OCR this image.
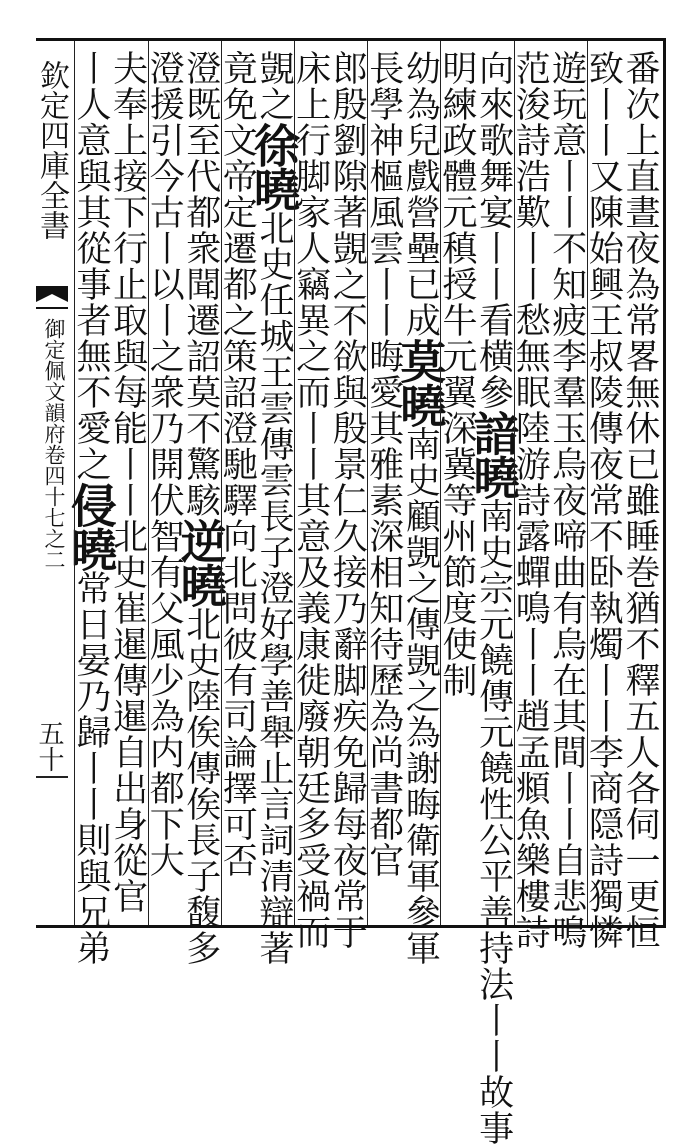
欽定四庫全書
御定佩文韻府卷四十七之二
五十	番次上直晝夜為常畧無休已雖睡巻猶不釋五人各伺一更恒
致丨丨又陳始興王叔陵傳夜常不卧執燭丨丨李商隠詩獨憐
遊玩意丨丨不知疲李羣玉烏夜啼曲有烏在其間丨丨自悲鳴
范浚詩浩歎丨丨愁無眠陸游詩露蟬鳴丨丨趙孟頫魚樂樓詩
向來歌舞宴丨丨看横參諳曉南史宗元饒傳元饒性公平善持法丨丨故事
明練政體元稹授牛元翼深冀等州節度使制
幼為兒戲營壘已成莫曉南史顧覬之傳覬之為謝晦衛軍參軍
長學神樞風雲丨丨晦愛其雅素深相知待歷為尚書都官
郎殷劉隙著覬之不欲與殷景仁久接乃辭脚疾免歸每夜常于
床上行脚家人竊異之而丨丨其意及義康徙廢朝廷多受禍而
覬之徐曉北史任城王雲傳雲長子澄好學善舉止言詞清辯著
竟免文帝定遷都之策詔澄馳驛向北問彼有司論擇可否
澄既至代都衆聞遷詔莫不驚駭逆曉北史陸俟傳俟長子馥多
澄援引今古丨以丨之衆乃開伏智有父風少為内都下大
夫奉上接下行止取與每能丨丨北史崔暹傳暹自出身從官
丨人意與其從事者無不愛之侵曉常日晏乃歸丨丨則與兄弟
